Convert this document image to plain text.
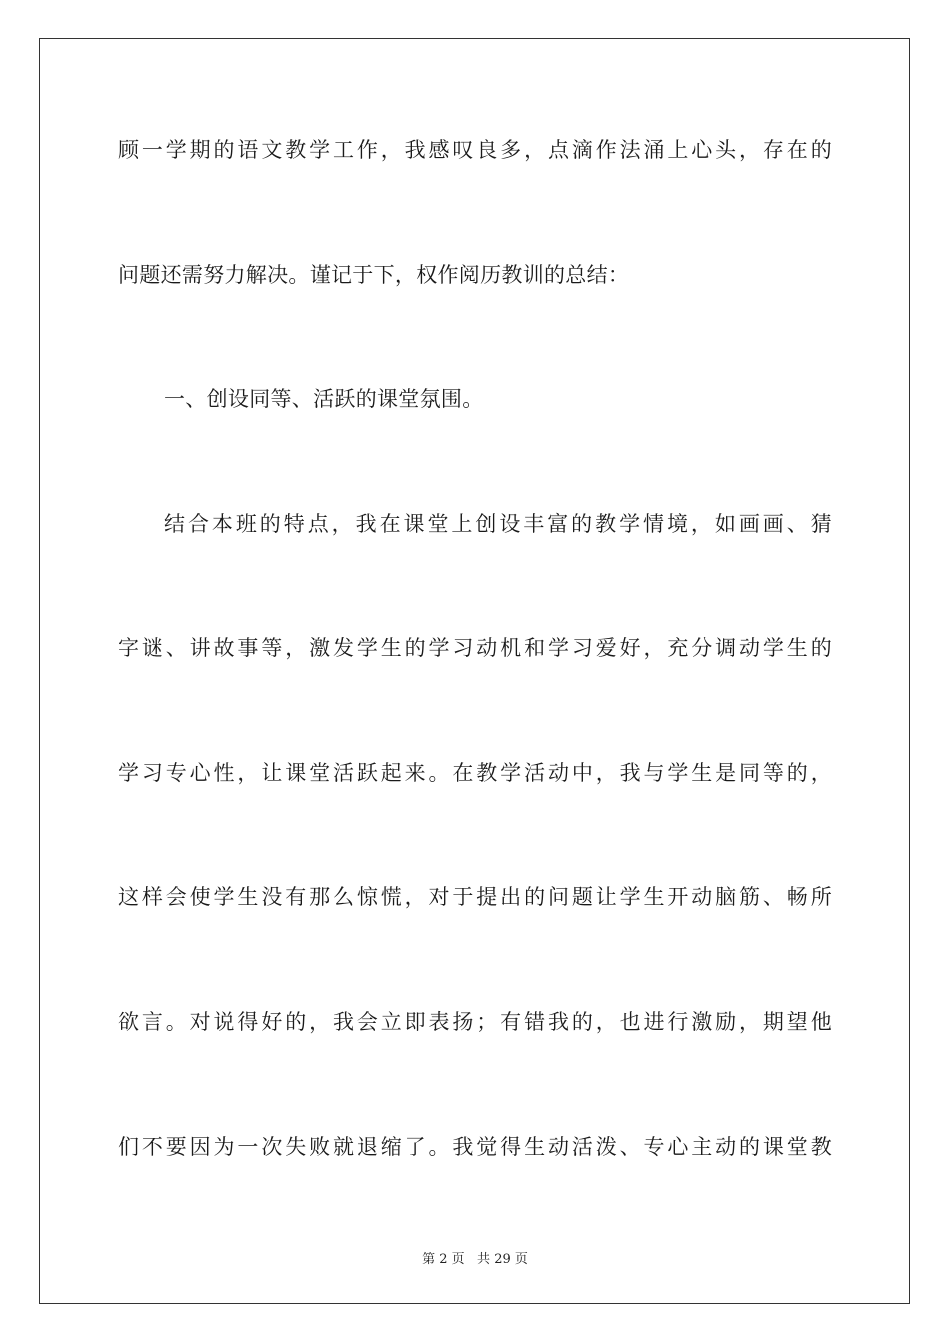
顾一学期的语文教学工作，我感叹良多，点滴作法涌上心头，存在的
问题还需努力解决。谨记于下，权作阅历教训的总结：
一、创设同等、活跃的课堂氛围。
结合本班的特点，我在课堂上创设丰富的教学情境，如画画、猜
字谜、讲故事等，激发学生的学习动机和学习爱好，充分调动学生的
学习专心性，让课堂活跃起来。在教学活动中，我与学生是同等的，
这样会使学生没有那么惊慌，对于提出的问题让学生开动脑筋、畅所
欲言。对说得好的，我会立即表扬；有错我的，也进行激励，期望他
们不要因为一次失败就退缩了。我觉得生动活泼、专心主动的课堂教
第 2 页   共 29 页
